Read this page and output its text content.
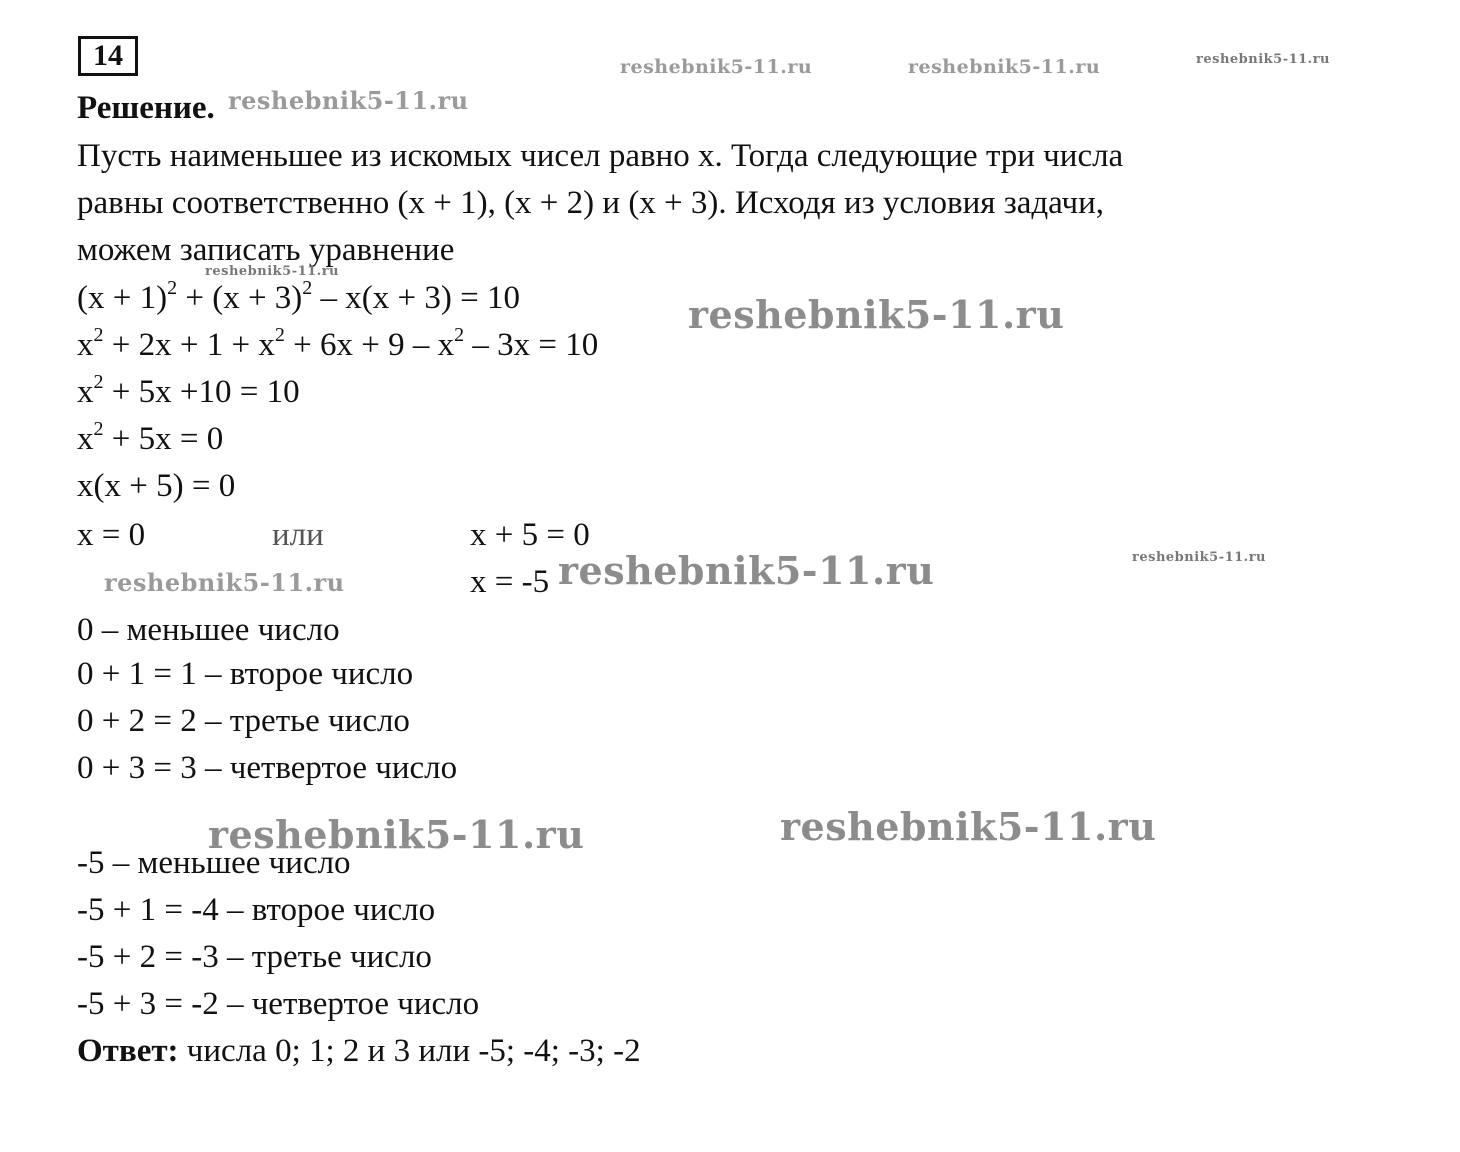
14
Решение.
Пусть наименьшее из искомых чисел равно x. Тогда следующие три числа
равны соответственно (x + 1), (x + 2) и (x + 3). Исходя из условия задачи,
можем записать уравнение
$(x + 1)^2 + (x + 3)^2 - x(x + 3) = 10$
$x^2 + 2x + 1 + x^2 + 6x + 9 - x^2 - 3x = 10$
$x^2 + 5x +10 = 10$
$x^2 + 5x = 0$
x(x + 5) = 0
x = 0	или	x + 5 = 0
x = -5
0 – меньшее число
0 + 1 = 1 – второе число
0 + 2 = 2 – третье число
0 + 3 = 3 – четвертое число
-5 – меньшее число
-5 + 1 = -4 – второе число
-5 + 2 = -3 – третье число
-5 + 3 = -2 – четвертое число
Ответ: числа 0; 1; 2 и 3 или -5; -4; -3; -2
reshebnik5-11.ru	reshebnik5-11.ru	reshebnik5-11.ru
reshebnik5-11.ru
reshebnik5-11.ru
reshebnik5-11.ru
reshebnik5-11.ru
reshebnik5-11.ru	reshebnik5-11.ru
reshebnik5-11.ru	reshebnik5-11.ru
